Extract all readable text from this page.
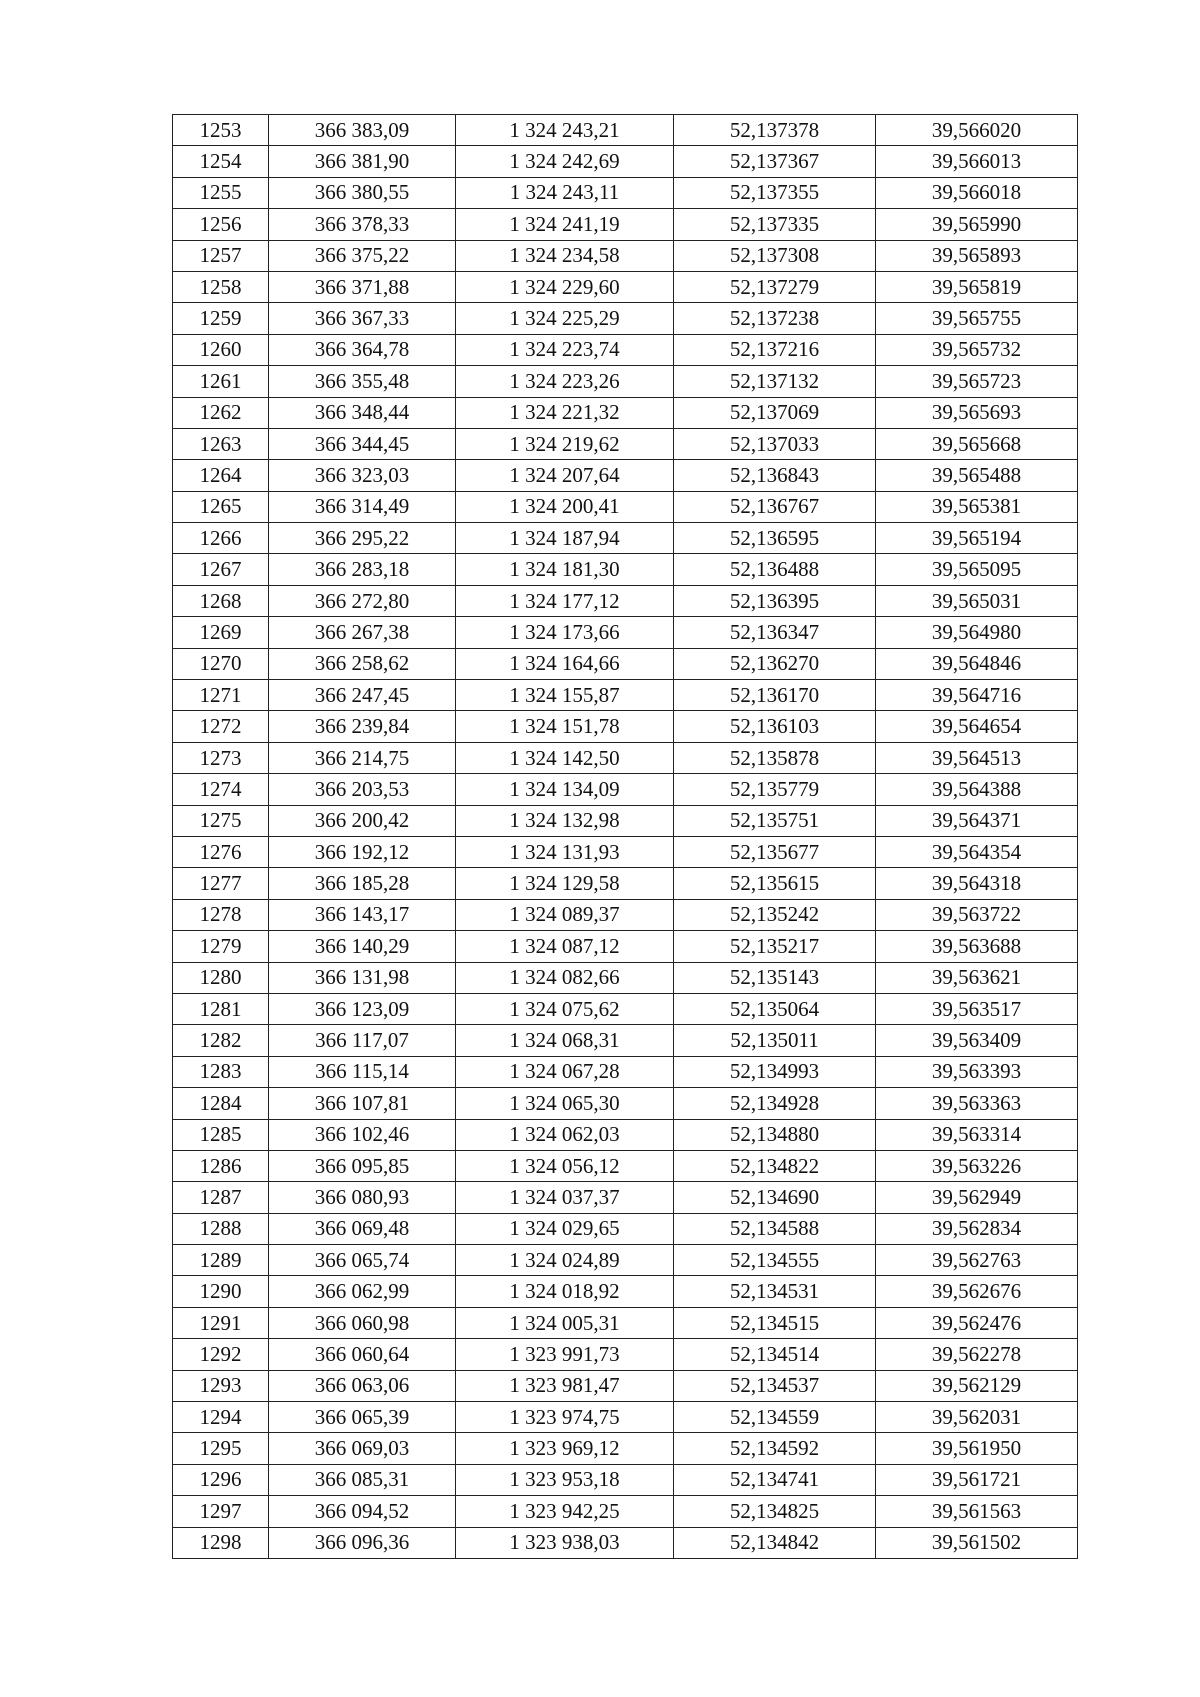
1253	366 383,09	1 324 243,21	52,137378	39,566020
1254	366 381,90	1 324 242,69	52,137367	39,566013
1255	366 380,55	1 324 243,11	52,137355	39,566018
1256	366 378,33	1 324 241,19	52,137335	39,565990
1257	366 375,22	1 324 234,58	52,137308	39,565893
1258	366 371,88	1 324 229,60	52,137279	39,565819
1259	366 367,33	1 324 225,29	52,137238	39,565755
1260	366 364,78	1 324 223,74	52,137216	39,565732
1261	366 355,48	1 324 223,26	52,137132	39,565723
1262	366 348,44	1 324 221,32	52,137069	39,565693
1263	366 344,45	1 324 219,62	52,137033	39,565668
1264	366 323,03	1 324 207,64	52,136843	39,565488
1265	366 314,49	1 324 200,41	52,136767	39,565381
1266	366 295,22	1 324 187,94	52,136595	39,565194
1267	366 283,18	1 324 181,30	52,136488	39,565095
1268	366 272,80	1 324 177,12	52,136395	39,565031
1269	366 267,38	1 324 173,66	52,136347	39,564980
1270	366 258,62	1 324 164,66	52,136270	39,564846
1271	366 247,45	1 324 155,87	52,136170	39,564716
1272	366 239,84	1 324 151,78	52,136103	39,564654
1273	366 214,75	1 324 142,50	52,135878	39,564513
1274	366 203,53	1 324 134,09	52,135779	39,564388
1275	366 200,42	1 324 132,98	52,135751	39,564371
1276	366 192,12	1 324 131,93	52,135677	39,564354
1277	366 185,28	1 324 129,58	52,135615	39,564318
1278	366 143,17	1 324 089,37	52,135242	39,563722
1279	366 140,29	1 324 087,12	52,135217	39,563688
1280	366 131,98	1 324 082,66	52,135143	39,563621
1281	366 123,09	1 324 075,62	52,135064	39,563517
1282	366 117,07	1 324 068,31	52,135011	39,563409
1283	366 115,14	1 324 067,28	52,134993	39,563393
1284	366 107,81	1 324 065,30	52,134928	39,563363
1285	366 102,46	1 324 062,03	52,134880	39,563314
1286	366 095,85	1 324 056,12	52,134822	39,563226
1287	366 080,93	1 324 037,37	52,134690	39,562949
1288	366 069,48	1 324 029,65	52,134588	39,562834
1289	366 065,74	1 324 024,89	52,134555	39,562763
1290	366 062,99	1 324 018,92	52,134531	39,562676
1291	366 060,98	1 324 005,31	52,134515	39,562476
1292	366 060,64	1 323 991,73	52,134514	39,562278
1293	366 063,06	1 323 981,47	52,134537	39,562129
1294	366 065,39	1 323 974,75	52,134559	39,562031
1295	366 069,03	1 323 969,12	52,134592	39,561950
1296	366 085,31	1 323 953,18	52,134741	39,561721
1297	366 094,52	1 323 942,25	52,134825	39,561563
1298	366 096,36	1 323 938,03	52,134842	39,561502
